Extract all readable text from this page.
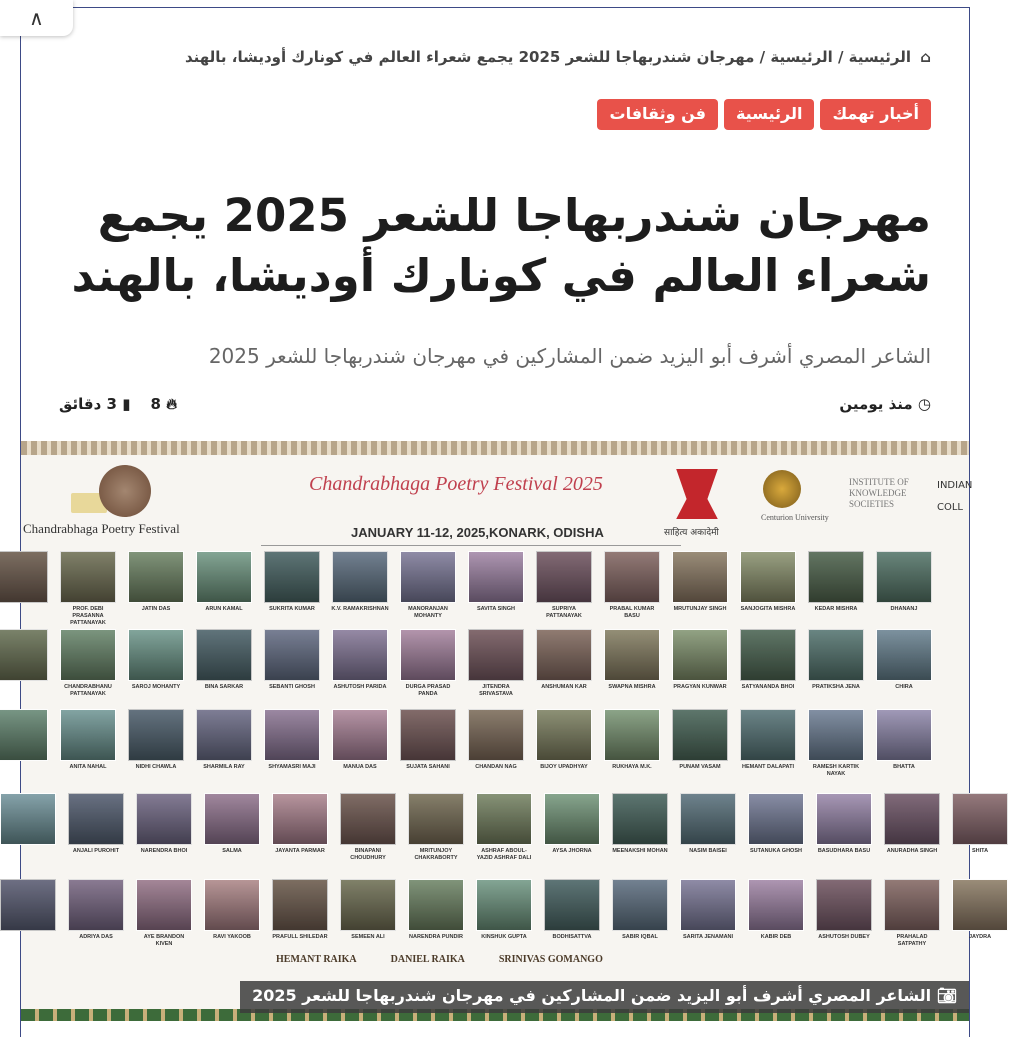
∧
⌂ الرئيسية / الرئيسية / مهرجان شندربهاجا للشعر 2025 يجمع شعراء العالم في كونارك أوديشا، بالهند
أخبار تهمك
الرئيسية
فن وثقافات
مهرجان شندربهاجا للشعر 2025 يجمع شعراء العالم في كونارك أوديشا، بالهند
الشاعر المصري أشرف أبو اليزيد ضمن المشاركين في مهرجان شندربهاجا للشعر 2025
◷ منذ يومين
🔥︎ 8
▮ 3 دقائق
Chandrabhaga Poetry Festival
Chandrabhaga Poetry Festival 2025
JANUARY 11-12, 2025,KONARK, ODISHA	साहित्य अकादेमी
Centurion University
INSTITUTE OF KNOWLEDGE SOCIETIES
INDIAN COLL
PROF. DEBI PRASANNA PATTANAYAK
JATIN DAS	ARUN KAMAL	SUKRITA KUMAR	K.V. RAMAKRISHNAN	MANORANJAN MOHANTY
SAVITA SINGH	SUPRIYA PATTANAYAK
PRABAL KUMAR BASU
MRUTUNJAY SINGH	SANJOGITA MISHRA	KEDAR MISHRA	DHANANJ
CHANDRABHANU PATTANAYAK
SAROJ MOHANTY	BINA SARKAR	SEBANTI GHOSH	ASHUTOSH PARIDA	DURGA PRASAD PANDA
JITENDRA SRIVASTAVA
ANSHUMAN KAR	SWAPNA MISHRA	PRAGYAN KUNWAR	SATYANANDA BHOI	PRATIKSHA JENA	CHIRA
ANITA NAHAL	NIDHI CHAWLA	SHARMILA RAY	SHYAMASRI MAJI	MANUA DAS	SUJATA SAHANI	CHANDAN NAG	BIJOY UPADHYAY	RUKHAYA M.K.	PUNAM VASAM	HEMANT DALAPATI	RAMESH KARTIK NAYAK
BHATTA
ANJALI PUROHIT	NARENDRA BHOI	SALMA	JAYANTA PARMAR	BINAPANI CHOUDHURY
MRITUNJOY CHAKRABORTY
ASHRAF ABOUL-YAZID ASHRAF DALI
AYSA JHORNA	MEENAKSHI MOHAN	NASIM BAISEI	SUTANUKA GHOSH	BASUDHARA BASU	ANURADHA SINGH	SHITA
ADRIYA DAS	AYE BRANDON KIVEN
RAVI YAKOOB	PRAFULL SHILEDAR	SEMEEN ALI	NARENDRA PUNDIR	KINSHUK GUPTA	BODHISATTVA	SABIR IQBAL	SARITA JENAMANI	KABIR DEB	ASHUTOSH DUBEY	PRAHALAD SATPATHY
JAYDRA
HEMANT RAIKA	DANIEL RAIKA	SRINIVAS GOMANGO
📷︎ الشاعر المصري أشرف أبو اليزيد ضمن المشاركين في مهرجان شندربهاجا للشعر 2025
